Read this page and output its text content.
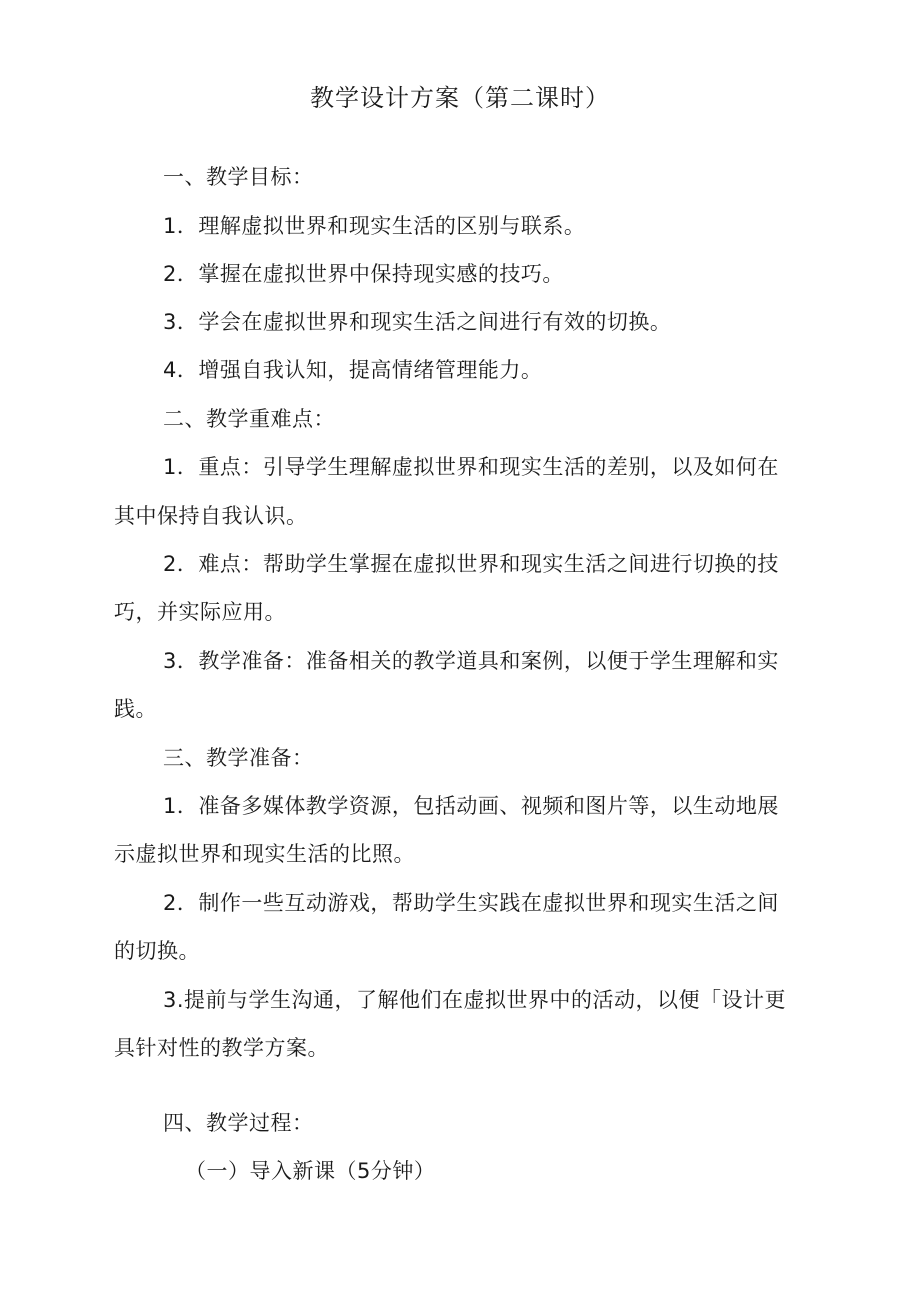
教学设计方案（第二课时）
一、教学目标：
1．理解虚拟世界和现实生活的区别与联系。
2．掌握在虚拟世界中保持现实感的技巧。
3．学会在虚拟世界和现实生活之间进行有效的切换。
4．增强自我认知，提高情绪管理能力。
二、教学重难点：
1．重点：引导学生理解虚拟世界和现实生活的差别，以及如何在
其中保持自我认识。
2．难点：帮助学生掌握在虚拟世界和现实生活之间进行切换的技
巧，并实际应用。
3．教学准备：准备相关的教学道具和案例，以便于学生理解和实
践。
三、教学准备：
1．准备多媒体教学资源，包括动画、视频和图片等，以生动地展
示虚拟世界和现实生活的比照。
2．制作一些互动游戏，帮助学生实践在虚拟世界和现实生活之间
的切换。
3.提前与学生沟通，了解他们在虚拟世界中的活动，以便「设计更
具针对性的教学方案。
四、教学过程：
（一）导入新课（5分钟）
